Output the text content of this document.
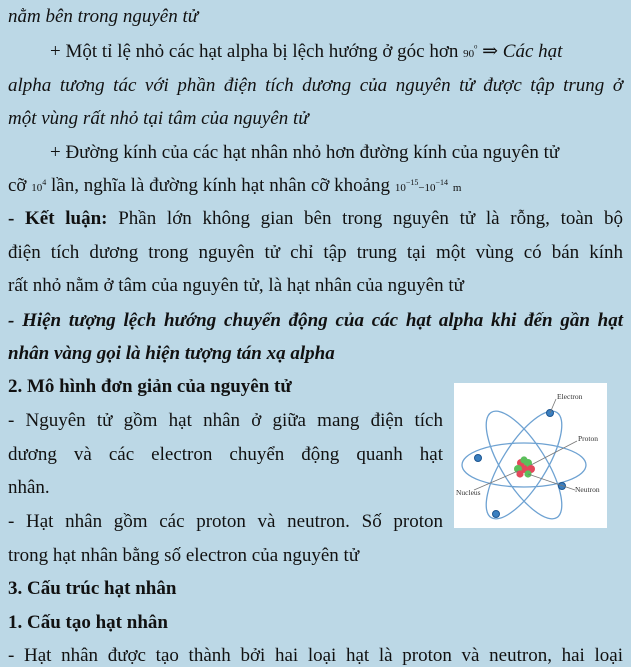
nằm bên trong nguyên tử
+ Một tỉ lệ nhỏ các hạt alpha bị lệch hướng ở góc hơn $90^{^0}$ ⇒ Các hạt
alpha tương tác với phần điện tích dương của nguyên tử được tập trung ở
một vùng rất nhỏ tại tâm của nguyên tử
+ Đường kính của các hạt nhân nhỏ hơn đường kính của nguyên tử
cỡ $10^4$ lần, nghĩa là đường kính hạt nhân cỡ khoảng $10^{-15}-10^{-14}$ m
- Kết luận: Phần lớn không gian bên trong nguyên tử là rỗng, toàn bộ
điện tích dương trong nguyên tử chỉ tập trung tại một vùng có bán kính
rất nhỏ nằm ở tâm của nguyên tử, là hạt nhân của nguyên tử
- Hiện tượng lệch hướng chuyển động của các hạt alpha khi đến gần hạt
nhân vàng gọi là hiện tượng tán xạ alpha
2. Mô hình đơn giản của nguyên tử
- Nguyên tử gồm hạt nhân ở giữa mang điện tích
dương và các electron chuyển động quanh hạt
nhân.
- Hạt nhân gồm các proton và neutron. Số proton
trong hạt nhân bằng số electron của nguyên tử
3. Cấu trúc hạt nhân
1. Cấu tạo hạt nhân
- Hạt nhân được tạo thành bởi hai loại hạt là proton và neutron, hai loại
Electron
Proton
Nucleus	Neutron
